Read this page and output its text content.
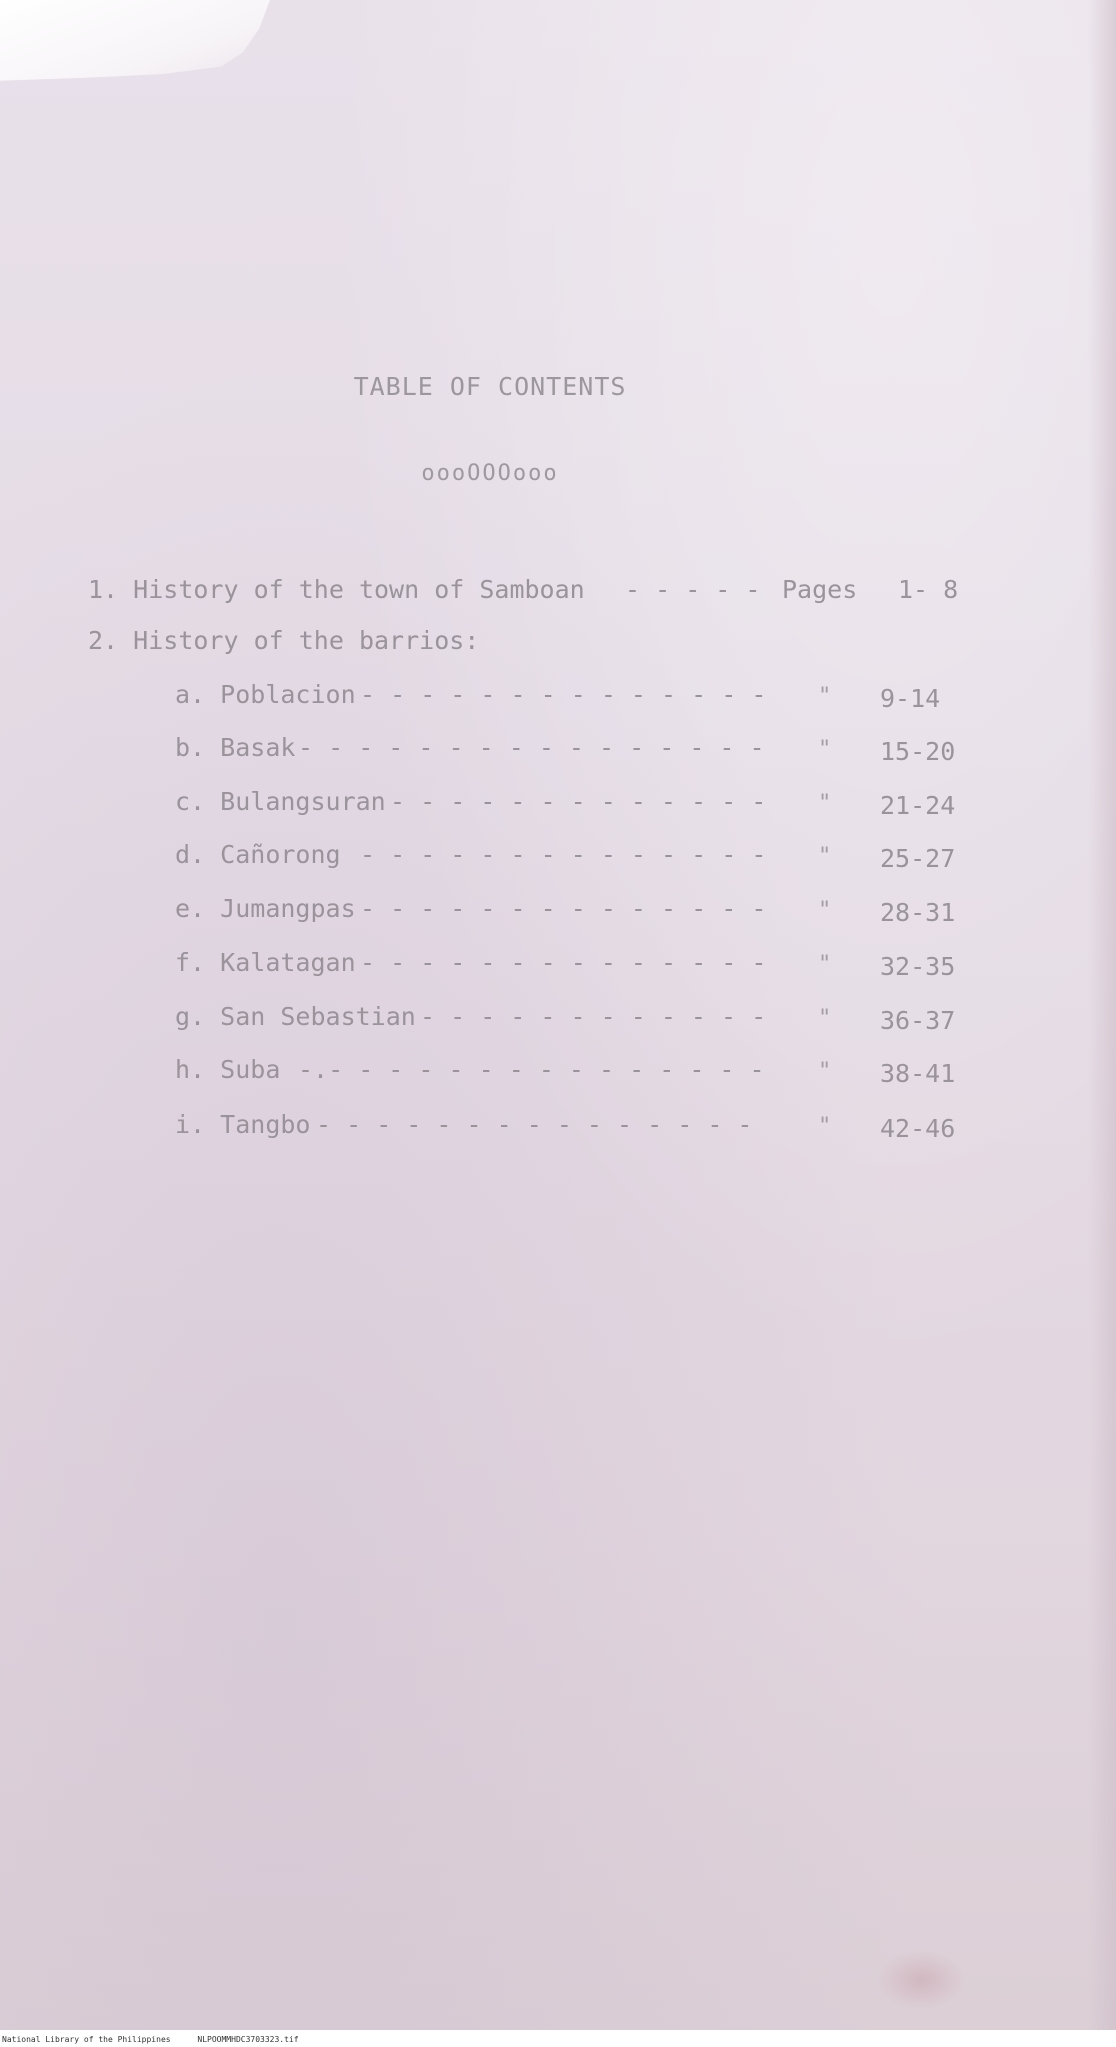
TABLE OF CONTENTS
oooOOOooo
1. History of the town of Samboan - - - - - Pages 1- 8
2. History of the barrios:
a. Poblacion - - - - - - - - - - - - - - " 9-14
b. Basak - - - - - - - - - - - - - - - - " 15-20
c. Bulangsuran - - - - - - - - - - - - - " 21-24
d. Cañorong - - - - - - - - - - - - - - " 25-27
e. Jumangpas - - - - - - - - - - - - - - " 28-31
f. Kalatagan - - - - - - - - - - - - - - " 32-35
g. San Sebastian - - - - - - - - - - - - " 36-37
h. Suba -.- - - - - - - - - - - - - - - " 38-41
i. Tangbo - - - - - - - - - - - - - - -	" 42-46
National Library of the Philippines	NLPOOMMHDC3703323.tif
